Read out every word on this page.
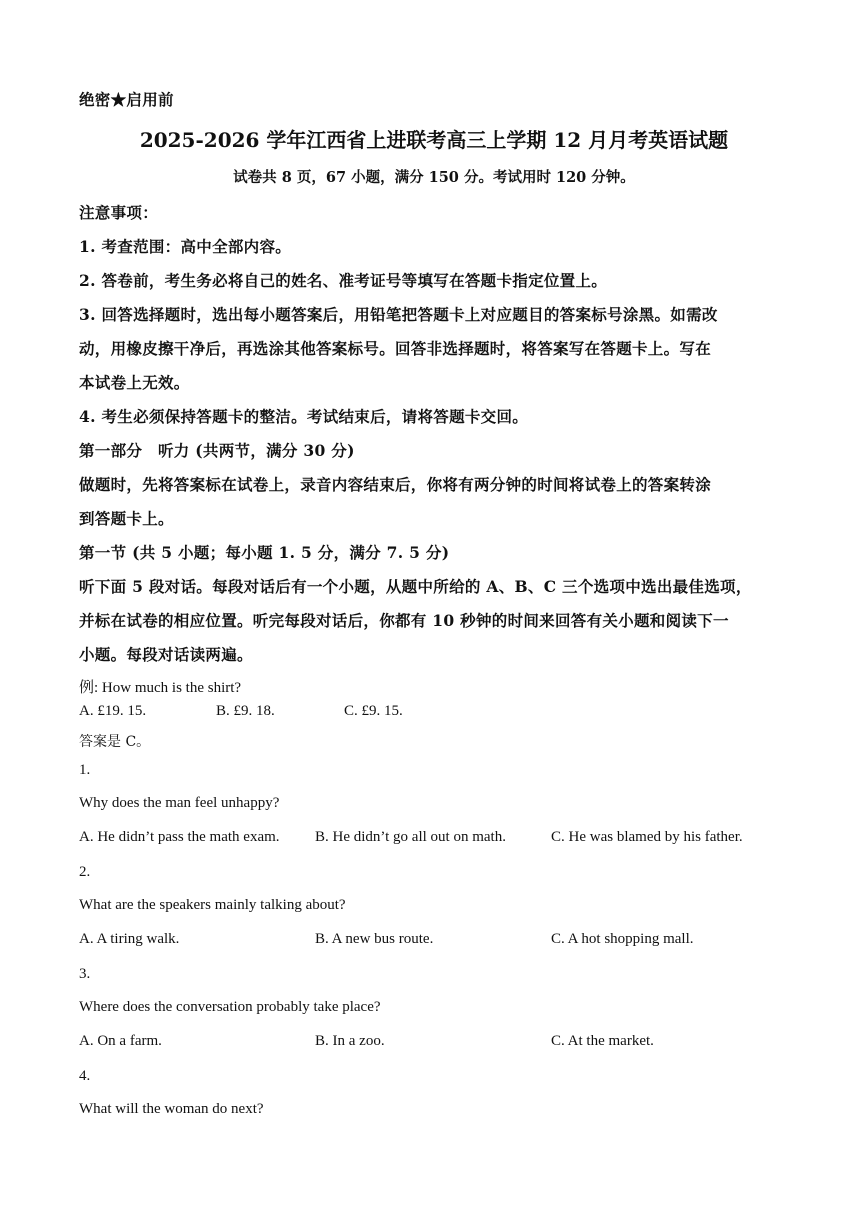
绝密★启用前
2025-2026 学年江西省上进联考高三上学期 12 月月考英语试题
试卷共 8 页，67 小题，满分 150 分。考试用时 120 分钟。
注意事项：
1. 考查范围：高中全部内容。
2. 答卷前，考生务必将自己的姓名、准考证号等填写在答题卡指定位置上。
3. 回答选择题时，选出每小题答案后，用铅笔把答题卡上对应题目的答案标号涂黑。如需改
动，用橡皮擦干净后，再选涂其他答案标号。回答非选择题时，将答案写在答题卡上。写在
本试卷上无效。
4. 考生必须保持答题卡的整洁。考试结束后，请将答题卡交回。
第一部分　听力 (共两节，满分 30 分)
做题时，先将答案标在试卷上，录音内容结束后，你将有两分钟的时间将试卷上的答案转涂
到答题卡上。
第一节 (共 5 小题；每小题 1. 5 分，满分 7. 5 分)
听下面 5 段对话。每段对话后有一个小题，从题中所给的 A、B、C 三个选项中选出最佳选项，
并标在试卷的相应位置。听完每段对话后，你都有 10 秒钟的时间来回答有关小题和阅读下一
小题。每段对话读两遍。
例: How much is the shirt?
A. £19. 15.	B. £9. 18.	C. £9. 15.
答案是 C。
1.
Why does the man feel unhappy?
A. He didn’t pass the math exam. B. He didn’t go all out on math.	C. He was blamed by his father.
2.
What are the speakers mainly talking about?
A. A tiring walk.	B. A new bus route.	C. A hot shopping mall.
3.
Where does the conversation probably take place?
A. On a farm.	B. In a zoo.	C. At the market.
4.
What will the woman do next?
